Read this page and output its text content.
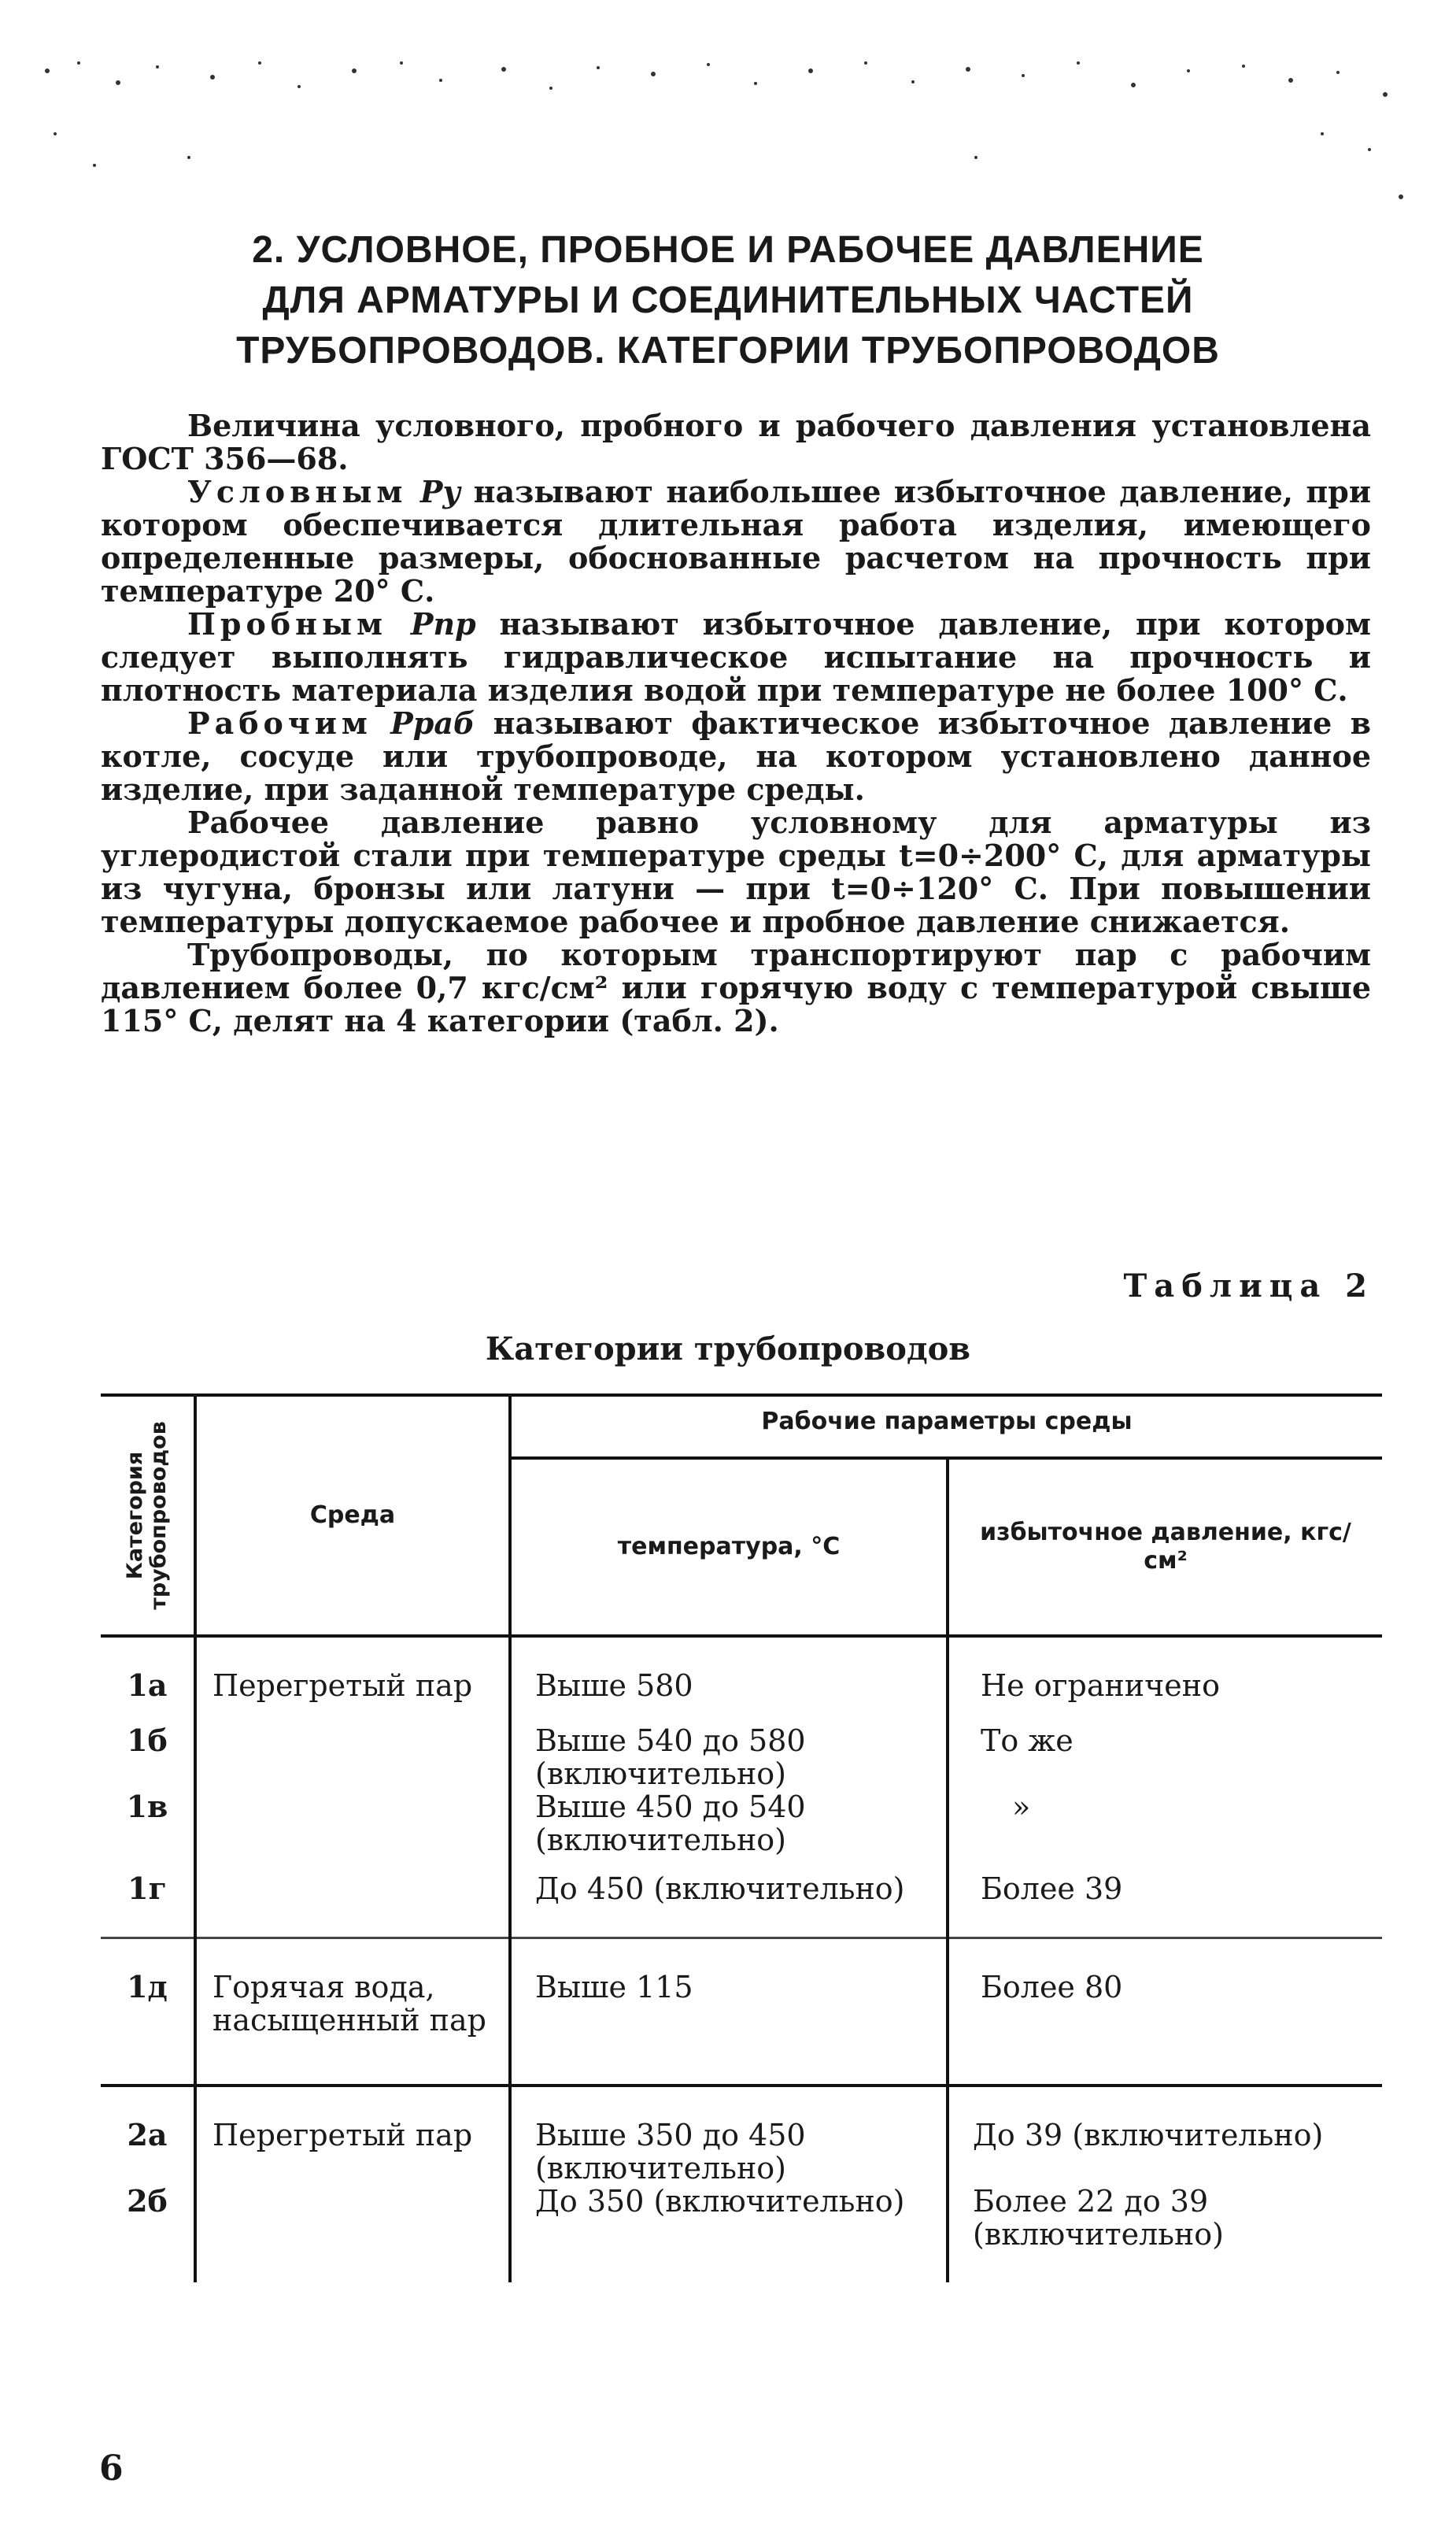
2. УСЛОВНОЕ, ПРОБНОЕ И РАБОЧЕЕ ДАВЛЕНИЕ
ДЛЯ АРМАТУРЫ И СОЕДИНИТЕЛЬНЫХ ЧАСТЕЙ
ТРУБОПРОВОДОВ. КАТЕГОРИИ ТРУБОПРОВОДОВ

Величина условного, пробного и рабочего давления установлена ГОСТ 356—68.

Условным Pу называют наибольшее избыточное давление, при котором обеспечивается длительная работа изделия, имеющего определенные размеры, обоснованные расчетом на прочность при температуре 20° С.

Пробным Pпр называют избыточное давление, при котором следует выполнять гидравлическое испытание на прочность и плотность материала изделия водой при температуре не более 100° С.

Рабочим Pраб называют фактическое избыточное давление в котле, сосуде или трубопроводе, на котором установлено данное изделие, при заданной температуре среды.

Рабочее давление равно условному для арматуры из углеродистой стали при температуре среды t=0÷200° С, для арматуры из чугуна, бронзы или латуни — при t=0÷120° С. При повышении температуры допускаемое рабочее и пробное давление снижается.

Трубопроводы, по которым транспортируют пар с рабочим давлением более 0,7 кгс/см² или горячую воду с температурой свыше 115° С, делят на 4 категории (табл. 2).

Таблица 2
Категории трубопроводов
Категория трубопроводов	Среда	Рабочие параметры среды	
		температура, °С	избыточное давление, кгс/см²
1а	Перегретый пар	Выше 580	Не ограничено
1б		Выше 540 до 580 (включительно)	То же
1в		Выше 450 до 540 (включительно)	»
1г		До 450 (включительно)	Более 39
1д	Горячая вода, насыщенный пар	Выше 115	Более 80
2а	Перегретый пар	Выше 350 до 450 (включительно)	До 39 (включительно)
2б		До 350 (включительно)	Более 22 до 39 (включительно)
6
